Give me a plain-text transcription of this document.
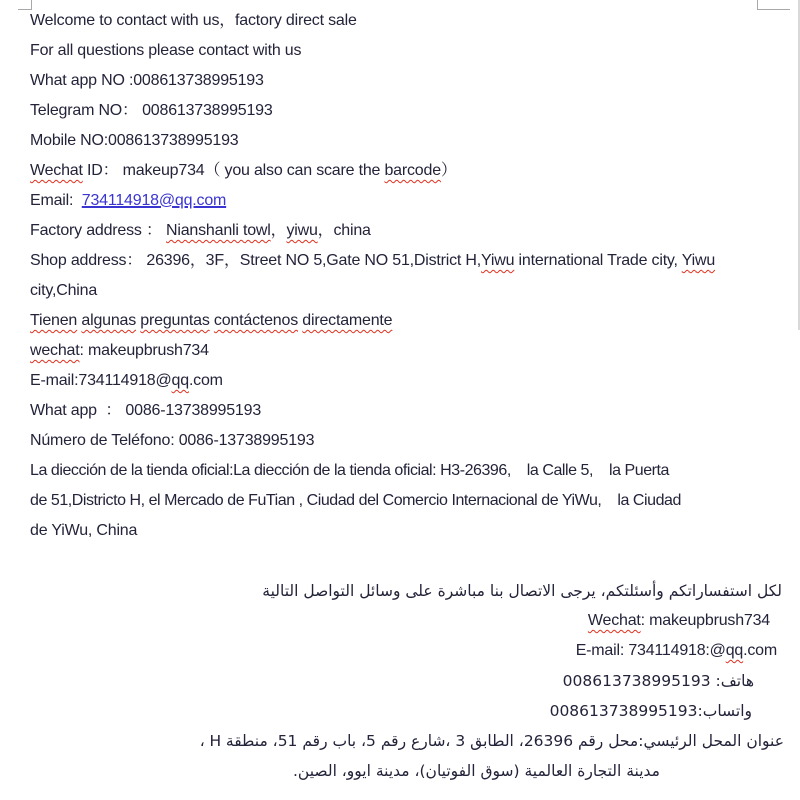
Welcome to contact with us，factory direct sale
For all questions please contact with us
What app NO :008613738995193
Telegram NO： 008613738995193
Mobile NO:008613738995193
Wechat ID： makeup734（ you also can scare the barcode）
Email:  734114918@qq.com
Factory address ： Nianshanli towl，yiwu，china
Shop address： 26396，3F，Street NO 5,Gate NO 51,District H,Yiwu international Trade city, Yiwu
city,China
Tienen algunas preguntas contáctenos directamente
wechat: makeupbrush734
E-mail:734114918@qq.com
What app  ： 0086-13738995193
Número de Teléfono: 0086-13738995193
La diección de la tienda oficial:La diección de la tienda oficial: H3-26396,    la Calle 5,    la Puerta
de 51,Districto H, el Mercado de FuTian , Ciudad del Comercio Internacional de YiWu,    la Ciudad
de YiWu, China
لكل استفساراتكم وأسئلتكم، يرجى الاتصال بنا مباشرة على وسائل التواصل التالية
Wechat: makeupbrush734
E-mail: 734114918:@qq.com
هاتف: 008613738995193
واتساب:008613738995193
عنوان المحل الرئيسي:محل رقم 26396، الطابق 3 ،شارع رقم 5، باب رقم 51، منطقة H ،
مدينة التجارة العالمية (سوق الفوتيان)، مدينة ايوو، الصين.
